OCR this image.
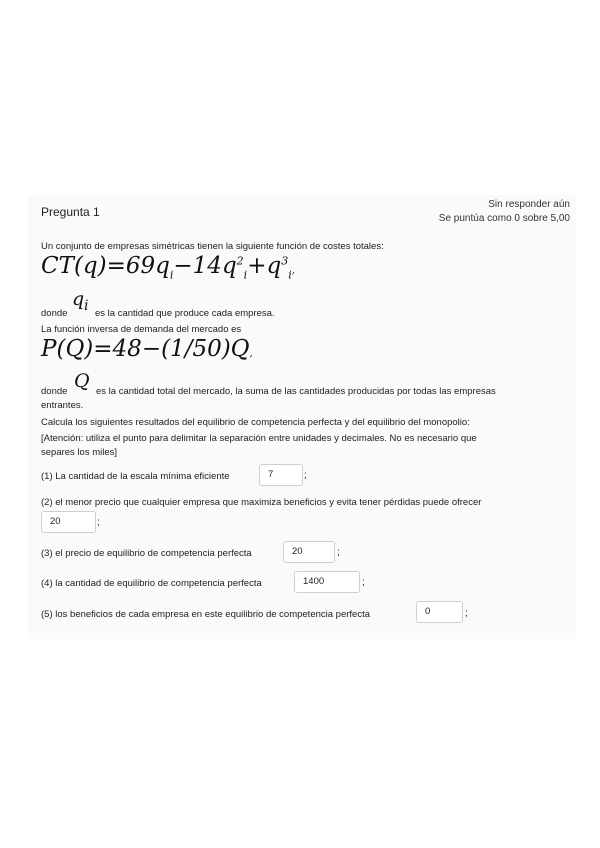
Pregunta 1
Sin responder aún
Se puntúa como 0 sobre 5,00
Un conjunto de empresas simétricas tienen la siguiente función de costes totales:
$CT(q)=69q_i-14q^2_i+q^3_i$,
donde
q i es la cantidad que produce cada empresa.
La función inversa de demanda del mercado es
P(Q)=48−(1/50)Q,
donde Q es la cantidad total del mercado, la suma de las cantidades producidas por todas las empresas
entrantes.
Calcula los siguientes resultados del equilibrio de competencia perfecta y del equilibrio del monopolio:
[Atención: utiliza el punto para delimitar la separación entre unidades y decimales. No es necesario que
separes los miles]
(1) La cantidad de la escala mínima eficiente	7	;
(2) el menor precio que cualquier empresa que maximiza beneficios y evita tener pérdidas puede ofrecer
20	;
(3) el precio de equilibrio de competencia perfecta	20	;
(4) la cantidad de equilibrio de competencia perfecta	1400	;
(5) los beneficios de cada empresa en este equilibrio de competencia perfecta	0	;
